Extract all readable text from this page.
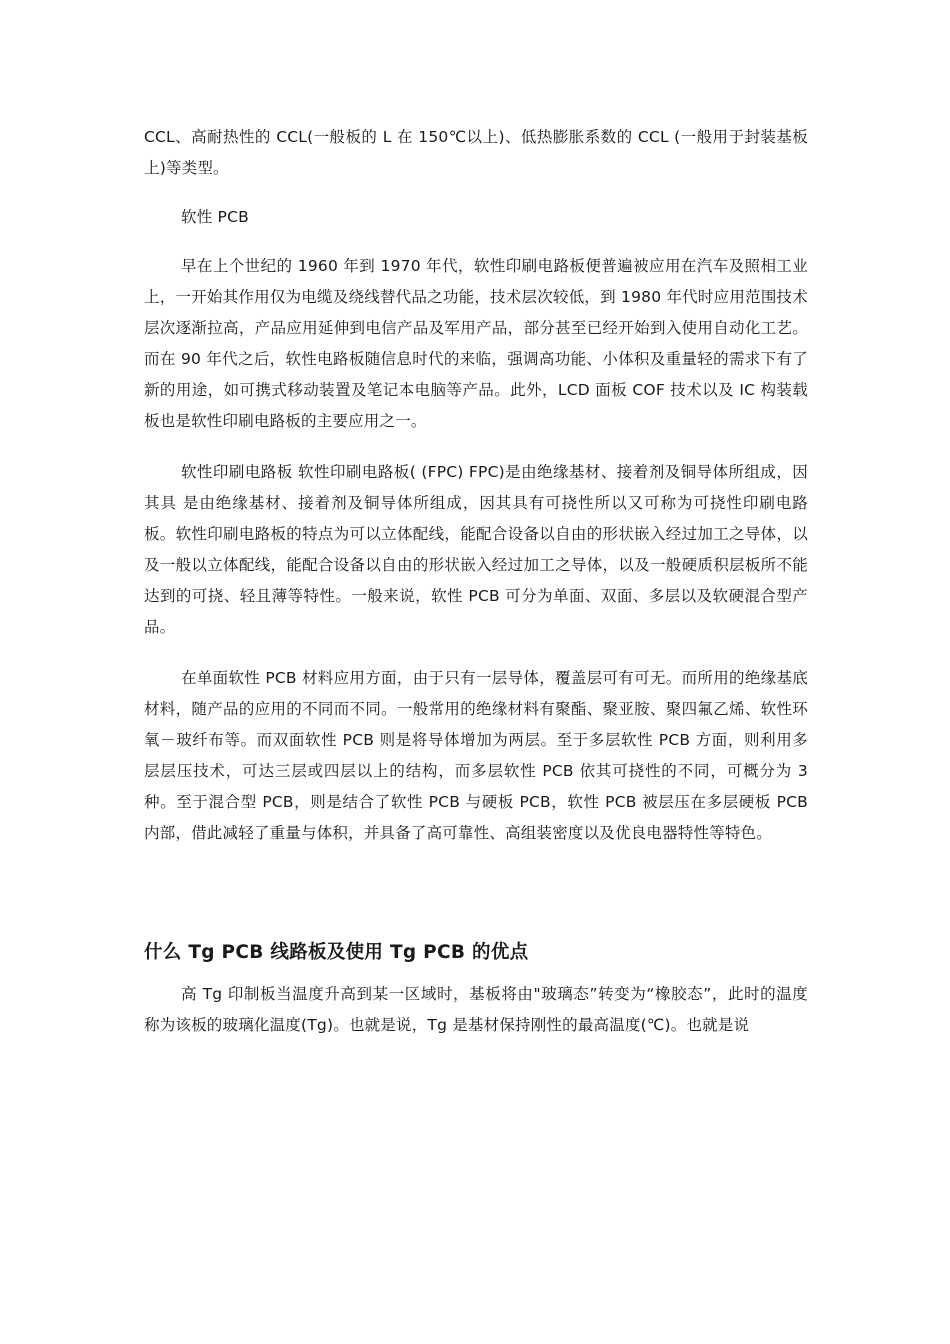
CCL、高耐热性的 CCL(一般板的 L 在 150℃以上)、低热膨胀系数的 CCL (一般用于封装基板上)等类型。

软性 PCB

早在上个世纪的 1960 年到 1970 年代，软性印刷电路板便普遍被应用在汽车及照相工业上，一开始其作用仅为电缆及绕线替代品之功能，技术层次较低，到 1980 年代时应用范围技术层次逐渐拉高，产品应用延伸到电信产品及军用产品，部分甚至已经开始到入使用自动化工艺。而在 90 年代之后，软性电路板随信息时代的来临，强调高功能、小体积及重量轻的需求下有了新的用途，如可携式移动装置及笔记本电脑等产品。此外，LCD 面板 COF 技术以及 IC 构装载板也是软性印刷电路板的主要应用之一。

软性印刷电路板 软性印刷电路板( (FPC) FPC)是由绝缘基材、接着剂及铜导体所组成，因其具 是由绝缘基材、接着剂及铜导体所组成，因其具有可挠性所以又可称为可挠性印刷电路板。软性印刷电路板的特点为可以立体配线，能配合设备以自由的形状嵌入经过加工之导体，以及一般以立体配线，能配合设备以自由的形状嵌入经过加工之导体，以及一般硬质积层板所不能达到的可挠、轻且薄等特性。一般来说，软性 PCB 可分为单面、双面、多层以及软硬混合型产品。

在单面软性 PCB 材料应用方面，由于只有一层导体，覆盖层可有可无。而所用的绝缘基底材料，随产品的应用的不同而不同。一般常用的绝缘材料有聚酯、聚亚胺、聚四氟乙烯、软性环氧－玻纤布等。而双面软性 PCB 则是将导体增加为两层。至于多层软性 PCB 方面，则利用多层层压技术，可达三层或四层以上的结构，而多层软性 PCB 依其可挠性的不同，可概分为 3 种。至于混合型 PCB，则是结合了软性 PCB 与硬板 PCB，软性 PCB 被层压在多层硬板 PCB 内部，借此减轻了重量与体积，并具备了高可靠性、高组装密度以及优良电器特性等特色。

什么 Tg PCB 线路板及使用 Tg PCB 的优点

高 Tg 印制板当温度升高到某一区域时，基板将由"玻璃态”转变为“橡胶态”，此时的温度称为该板的玻璃化温度(Tg)。也就是说，Tg 是基材保持刚性的最高温度(℃)。也就是说
